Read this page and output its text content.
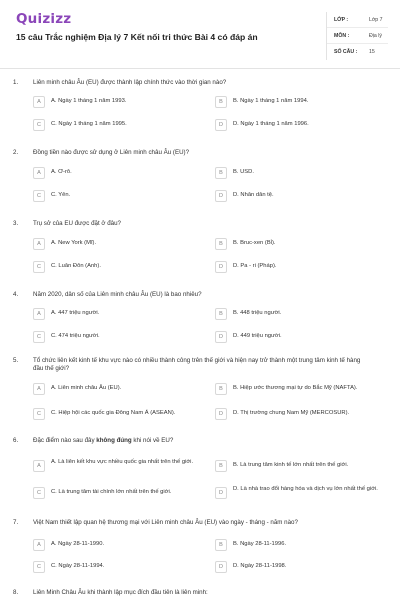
Quizizz
15 câu Trắc nghiệm Địa lý 7 Kết nối tri thức Bài 4 có đáp án
LỚP :	Lớp 7
MÔN :	Địa lý
SỐ CÂU : 15
1. Liên minh châu Âu (EU) được thành lập chính thức vào thời gian nào?
A	A. Ngày 1 tháng 1 năm 1993.	B	B. Ngày 1 tháng 1 năm 1994.
C	C. Ngày 1 tháng 1 năm 1995.	D	D. Ngày 1 tháng 1 năm 1996.
2. Đồng tiền nào được sử dụng ở Liên minh châu Âu (EU)?
A	A. Ơ-rô.	B	B. USD.
C	C. Yên.	D	D. Nhân dân tệ.
3. Trụ sở của EU được đặt ở đâu?
A	A. New York (Mĩ).	B	B. Bruc-xen (Bỉ).
C	C. Luân Đôn (Anh).	D	D. Pa - ri (Pháp).
4. Năm 2020, dân số của Liên minh châu Âu (EU) là bao nhiêu?
A	A. 447 triệu người.	B	B. 448 triệu người.
C	C. 474 triệu người.	D	D. 449 triệu người.
5. Tổ chức liên kết kinh tế khu vực nào có nhiều thành công trên thế giới và hiện nay trở thành một trung tâm kinh tế hàng đầu thế giới?
A	A. Liên minh châu Âu (EU).	B	B. Hiệp ước thương mại tự do Bắc Mỹ (NAFTA).
C	C. Hiệp hội các quốc gia Đông Nam Á (ASEAN).	D	D. Thị trường chung Nam Mỹ (MERCOSUR).
6. Đặc điểm nào sau đây không đúng khi nói về EU?
A
A. Là liên kết khu vực nhiều quốc gia nhất trên thế giới.
B	B. Là trung tâm kinh tế lớn nhất trên thế giới.
C	C. Là trung tâm tài chính lớn nhất trên thế giới.	D
D. Là nhà trao đổi hàng hóa và dịch vụ lớn nhất thế giới.
7. Việt Nam thiết lập quan hệ thương mại với Liên minh châu Âu (EU) vào ngày - tháng - năm nào?
A	A. Ngày 28-11-1990.	B	B. Ngày 28-11-1996.
C	C. Ngày 28-11-1994.	D	D. Ngày 28-11-1998.
8. Liên Minh Châu Âu khi thành lập mục đích đầu tiên là liên minh:
